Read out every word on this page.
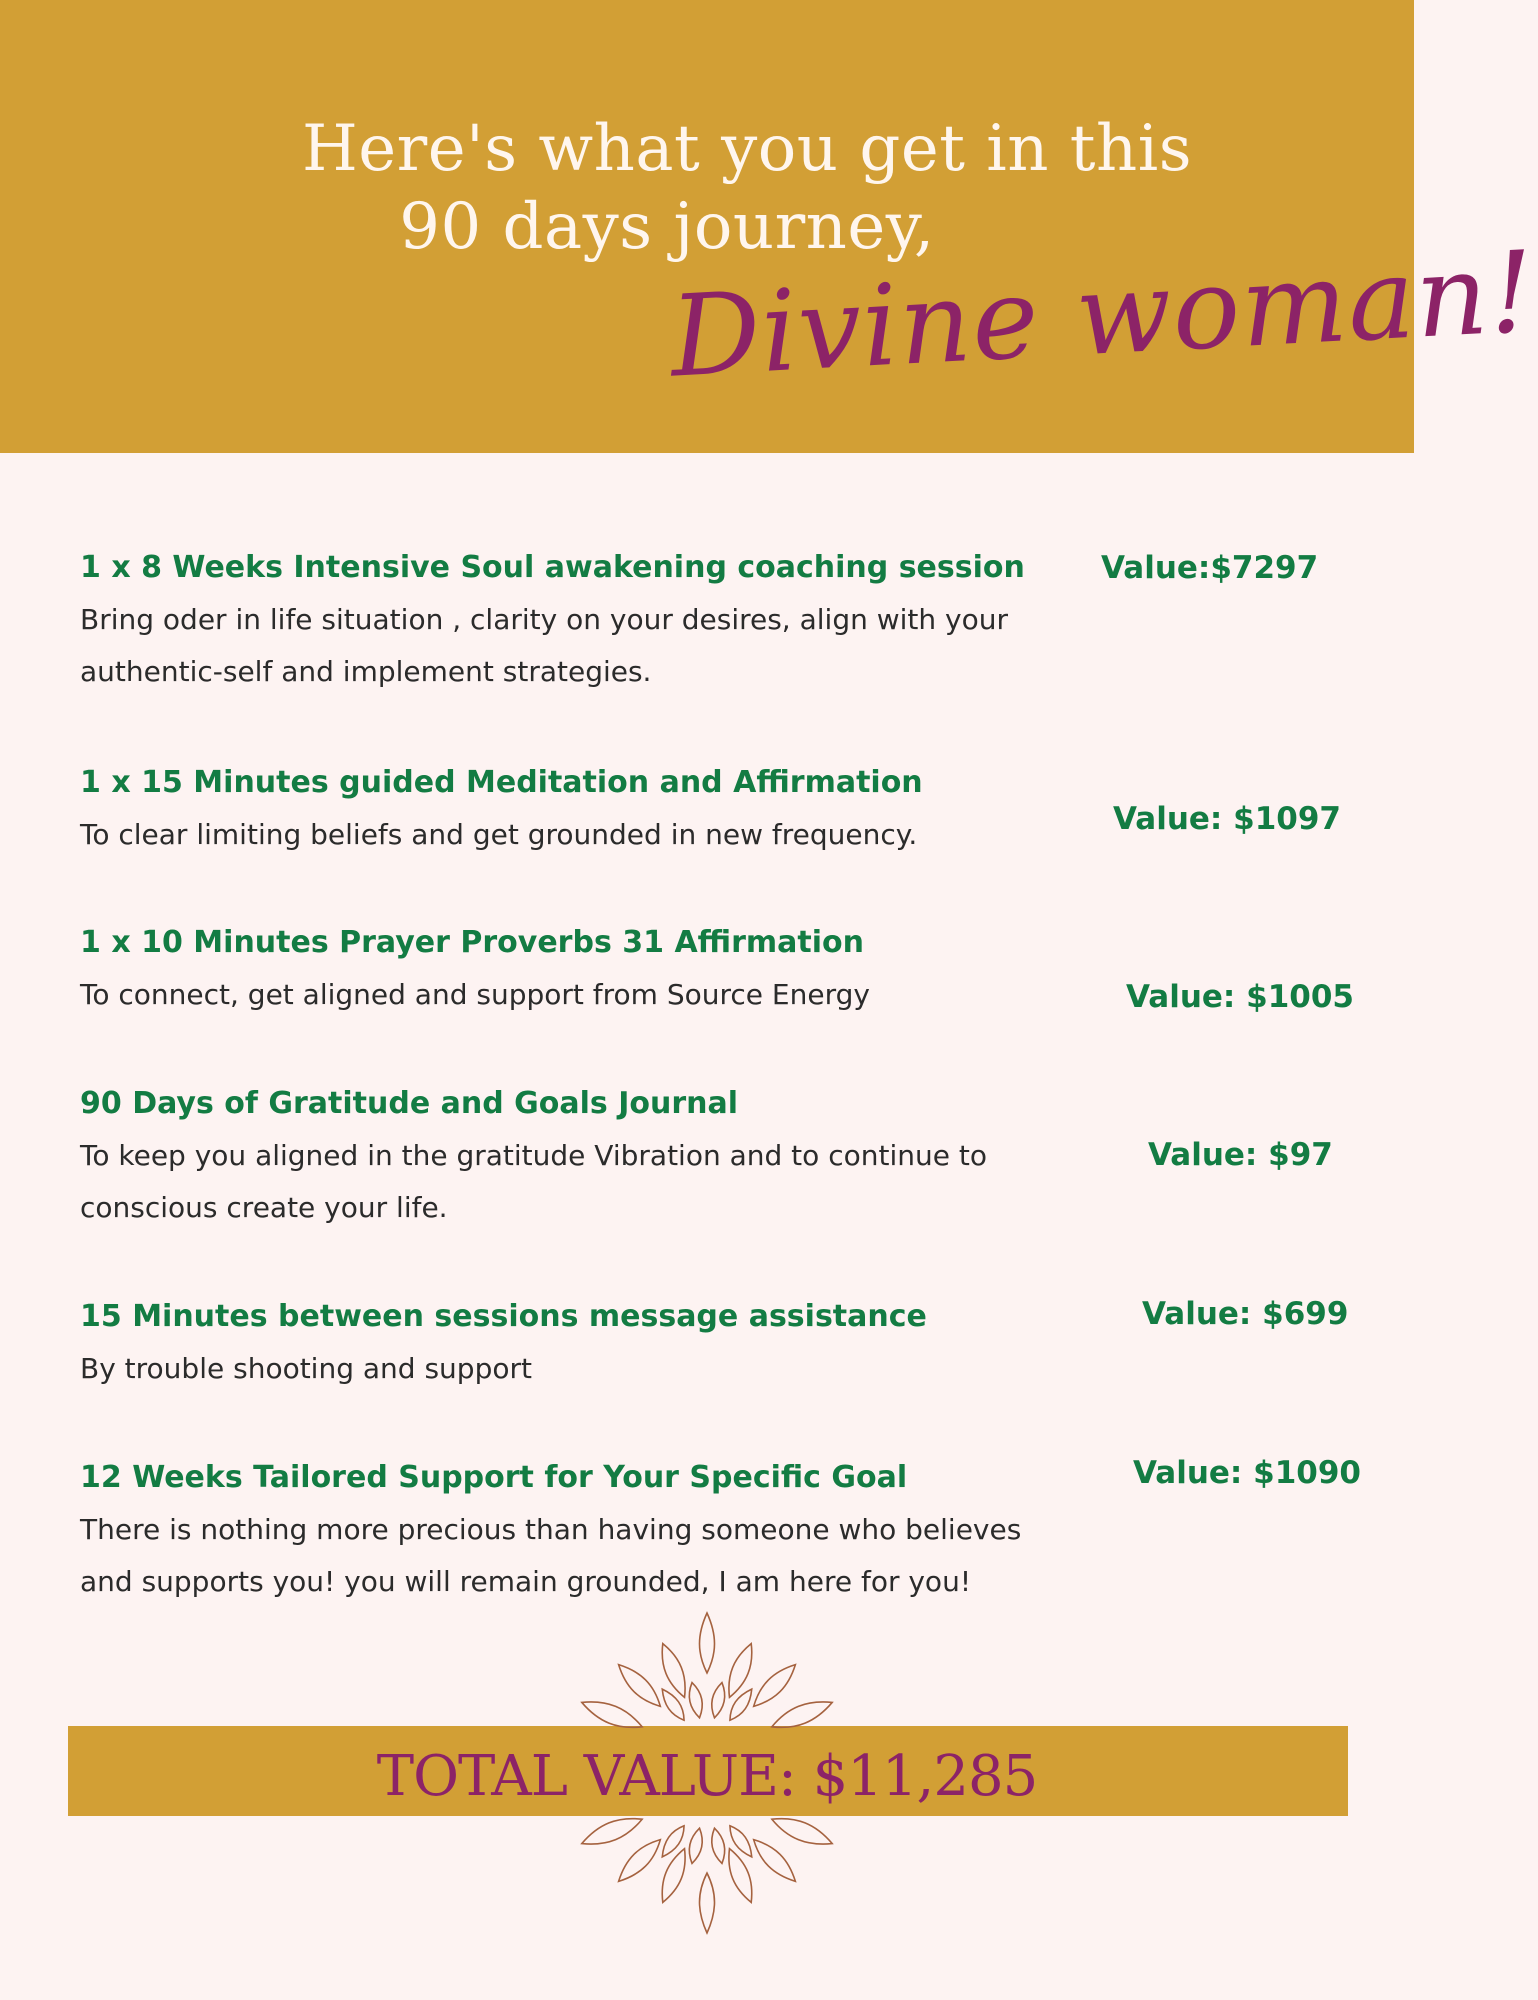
Here's what you get in this
90 days journey,
Divine woman!
1 x 8 Weeks Intensive Soul awakening coaching session
Bring oder in life situation , clarity on your desires, align with your
authentic-self and implement strategies.
Value:$7297
1 x 15 Minutes guided Meditation and Affirmation
To clear limiting beliefs and get grounded in new frequency.	Value: $1097
1 x 10 Minutes Prayer Proverbs 31 Affirmation
To connect, get aligned and support from Source Energy	Value: $1005
90 Days of Gratitude and Goals Journal
To keep you aligned in the gratitude Vibration and to continue to
conscious create your life.
Value: $97
15 Minutes between sessions message assistance
By trouble shooting and support
Value: $699
12 Weeks Tailored Support for Your Specific Goal
There is nothing more precious than having someone who believes
and supports you! you will remain grounded, I am here for you!
Value: $1090
TOTAL VALUE: $11,285
